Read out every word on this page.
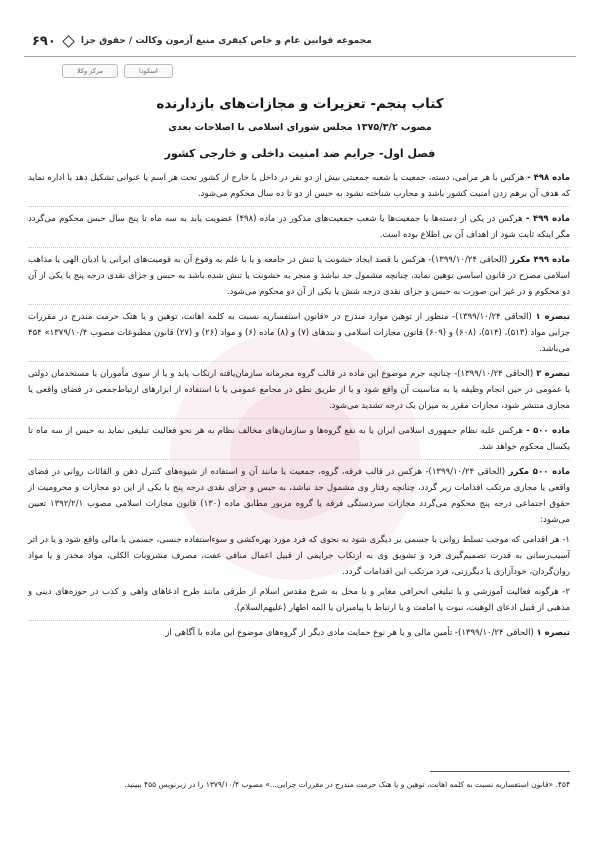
۶۹۰	مجموعه قوانین عام و خاص کیفری منبع آزمون وکالت / حقوق جزا
مرکز وکلا	اسکودا
کتاب پنجم- تعزیرات و مجازات‌های بازدارنده
مصوب ۱۳۷۵/۳/۲ مجلس شورای اسلامی با اصلاحات بعدی
فصل اول- جرایم ضد امنیت داخلی و خارجی کشور

ماده ۴۹۸ - هرکس با هر مرامی، دسته، جمعیت یا شعبه جمعیتی بیش از دو نفر در داخل یا خارج از کشور تحت هر اسم یا عنوانی تشکیل دهد یا اداره نماید که هدف آن برهم زدن امنیت کشور باشد و محارب شناخته نشود به حبس از دو تا ده سال محکوم می‌شود.

ماده ۴۹۹ - هرکس در یکی از دسته‌ها یا جمعیت‌ها یا شعب جمعیت‌های مذکور در ماده (۴۹۸) عضویت یابد به سه ماه تا پنج سال حبس محکوم می‌گردد مگر اینکه ثابت شود از اهداف آن بی اطلاع بوده است.

ماده ۴۹۹ مکرر (الحاقی ۱۳۹۹/۱۰/۲۴)- هرکس با قصد ایجاد خشونت یا تنش در جامعه و یا با علم به وقوع آن به قومیت‌های ایرانی یا ادیان الهی یا مذاهب اسلامی مصرح در قانون اساسی توهین نماید، چنانچه مشمول حد نباشد و منجر به خشونت یا تنش شده باشد به حبس و جزای نقدی درجه پنج یا یکی از آن دو محکوم و در غیر این صورت به حبس و جزای نقدی درجه شش یا یکی از آن دو محکوم می‌شود.

تبصره ۱ (الحاقی ۱۳۹۹/۱۰/۲۴)- منظور از توهین موارد مندرج در «قانون استفساریه نسبت به کلمه اهانت، توهین و یا هتک حرمت مندرج در مقررات جزایی مواد (۵۱۳)، (۵۱۴)، (۶۰۸) و (۶۰۹) قانون مجازات اسلامی و بندهای (۷) و (۸) ماده (۶) و مواد (۲۶) و (۲۷) قانون مطبوعات مصوب ۱۳۷۹/۱۰/۴» ۴۵۴ می‌باشد.

تبصره ۲ (الحاقی ۱۳۹۹/۱۰/۲۴)- چنانچه جرم موضوع این ماده در قالب گروه مجرمانه سازمان‌یافته ارتکاب یابد و یا از سوی مأموران یا مستخدمان دولتی یا عمومی در حین انجام وظیفه یا به مناسبت آن واقع شود و یا از طریق نطق در مجامع عمومی یا با استفاده از ابزارهای ارتباط‌جمعی در فضای واقعی یا مجازی منتشر شود، مجازات مقرر به میزان یک درجه تشدید می‌شود.

ماده ۵۰۰ - هرکس علیه نظام جمهوری اسلامی ایران یا به نفع گروه‌ها و سازمان‌های مخالف نظام به هر نحو فعالیت تبلیغی نماید به حبس از سه ماه تا یکسال محکوم خواهد شد.

ماده ۵۰۰ مکرر (الحاقی ۱۳۹۹/۱۰/۲۴)- هرکس در قالب فرقه، گروه، جمعیت یا مانند آن و استفاده از شیوه‌های کنترل ذهن و القائات روانی در فضای واقعی یا مجازی مرتکب اقدامات زیر گردد، چنانچه رفتار وی مشمول حد نباشد، به حبس و جزای نقدی درجه پنج یا یکی از این دو مجازات و محرومیت از حقوق اجتماعی درجه پنج محکوم می‌گردد مجازات سردستگی فرقه یا گروه مزبور مطابق ماده (۱۳۰) قانون مجازات اسلامی مصوب ۱۳۹۲/۲/۱ تعیین می‌شود:

۱- هر اقدامی که موجب تسلط روانی یا جسمی بر دیگری شود به نحوی که فرد مورد بهره‌کشی و سوءاستفاده جنسی، جسمی یا مالی واقع شود و یا در اثر آسیب‌رسانی به قدرت تصمیم‌گیری فرد و تشویق وی به ارتکاب جرایمی از قبیل اعمال منافی عفت، مصرف مشروبات الکلی، مواد مخدر و یا مواد روان‌گردان، خودآزاری یا دیگرزنی، فرد مرتکب این اقدامات گردد.

۲- هرگونه فعالیت آموزشی و یا تبلیغی انحرافی مغایر و یا مخل به شرع مقدس اسلام از طرقی مانند طرح ادعاهای واهی و کذب در حوزه‌های دینی و مذهبی از قبیل ادعای الوهیت، نبوت یا امامت و یا ارتباط با پیامبران یا ائمه اطهار (علیهم‌السلام).

تبصره ۱ (الحاقی ۱۳۹۹/۱۰/۲۴)- تأمین مالی و یا هر نوع حمایت مادی دیگر از گروه‌های موضوع این ماده با آگاهی از

۴۵۴. «قانون استفساریه نسبت به کلمه اهانت، توهین و یا هتک حرمت مندرج در مقررات جزایی...» مصوب ۱۳۷۹/۱۰/۴ را در زیرنویس ۴۵۵ ببینید.
